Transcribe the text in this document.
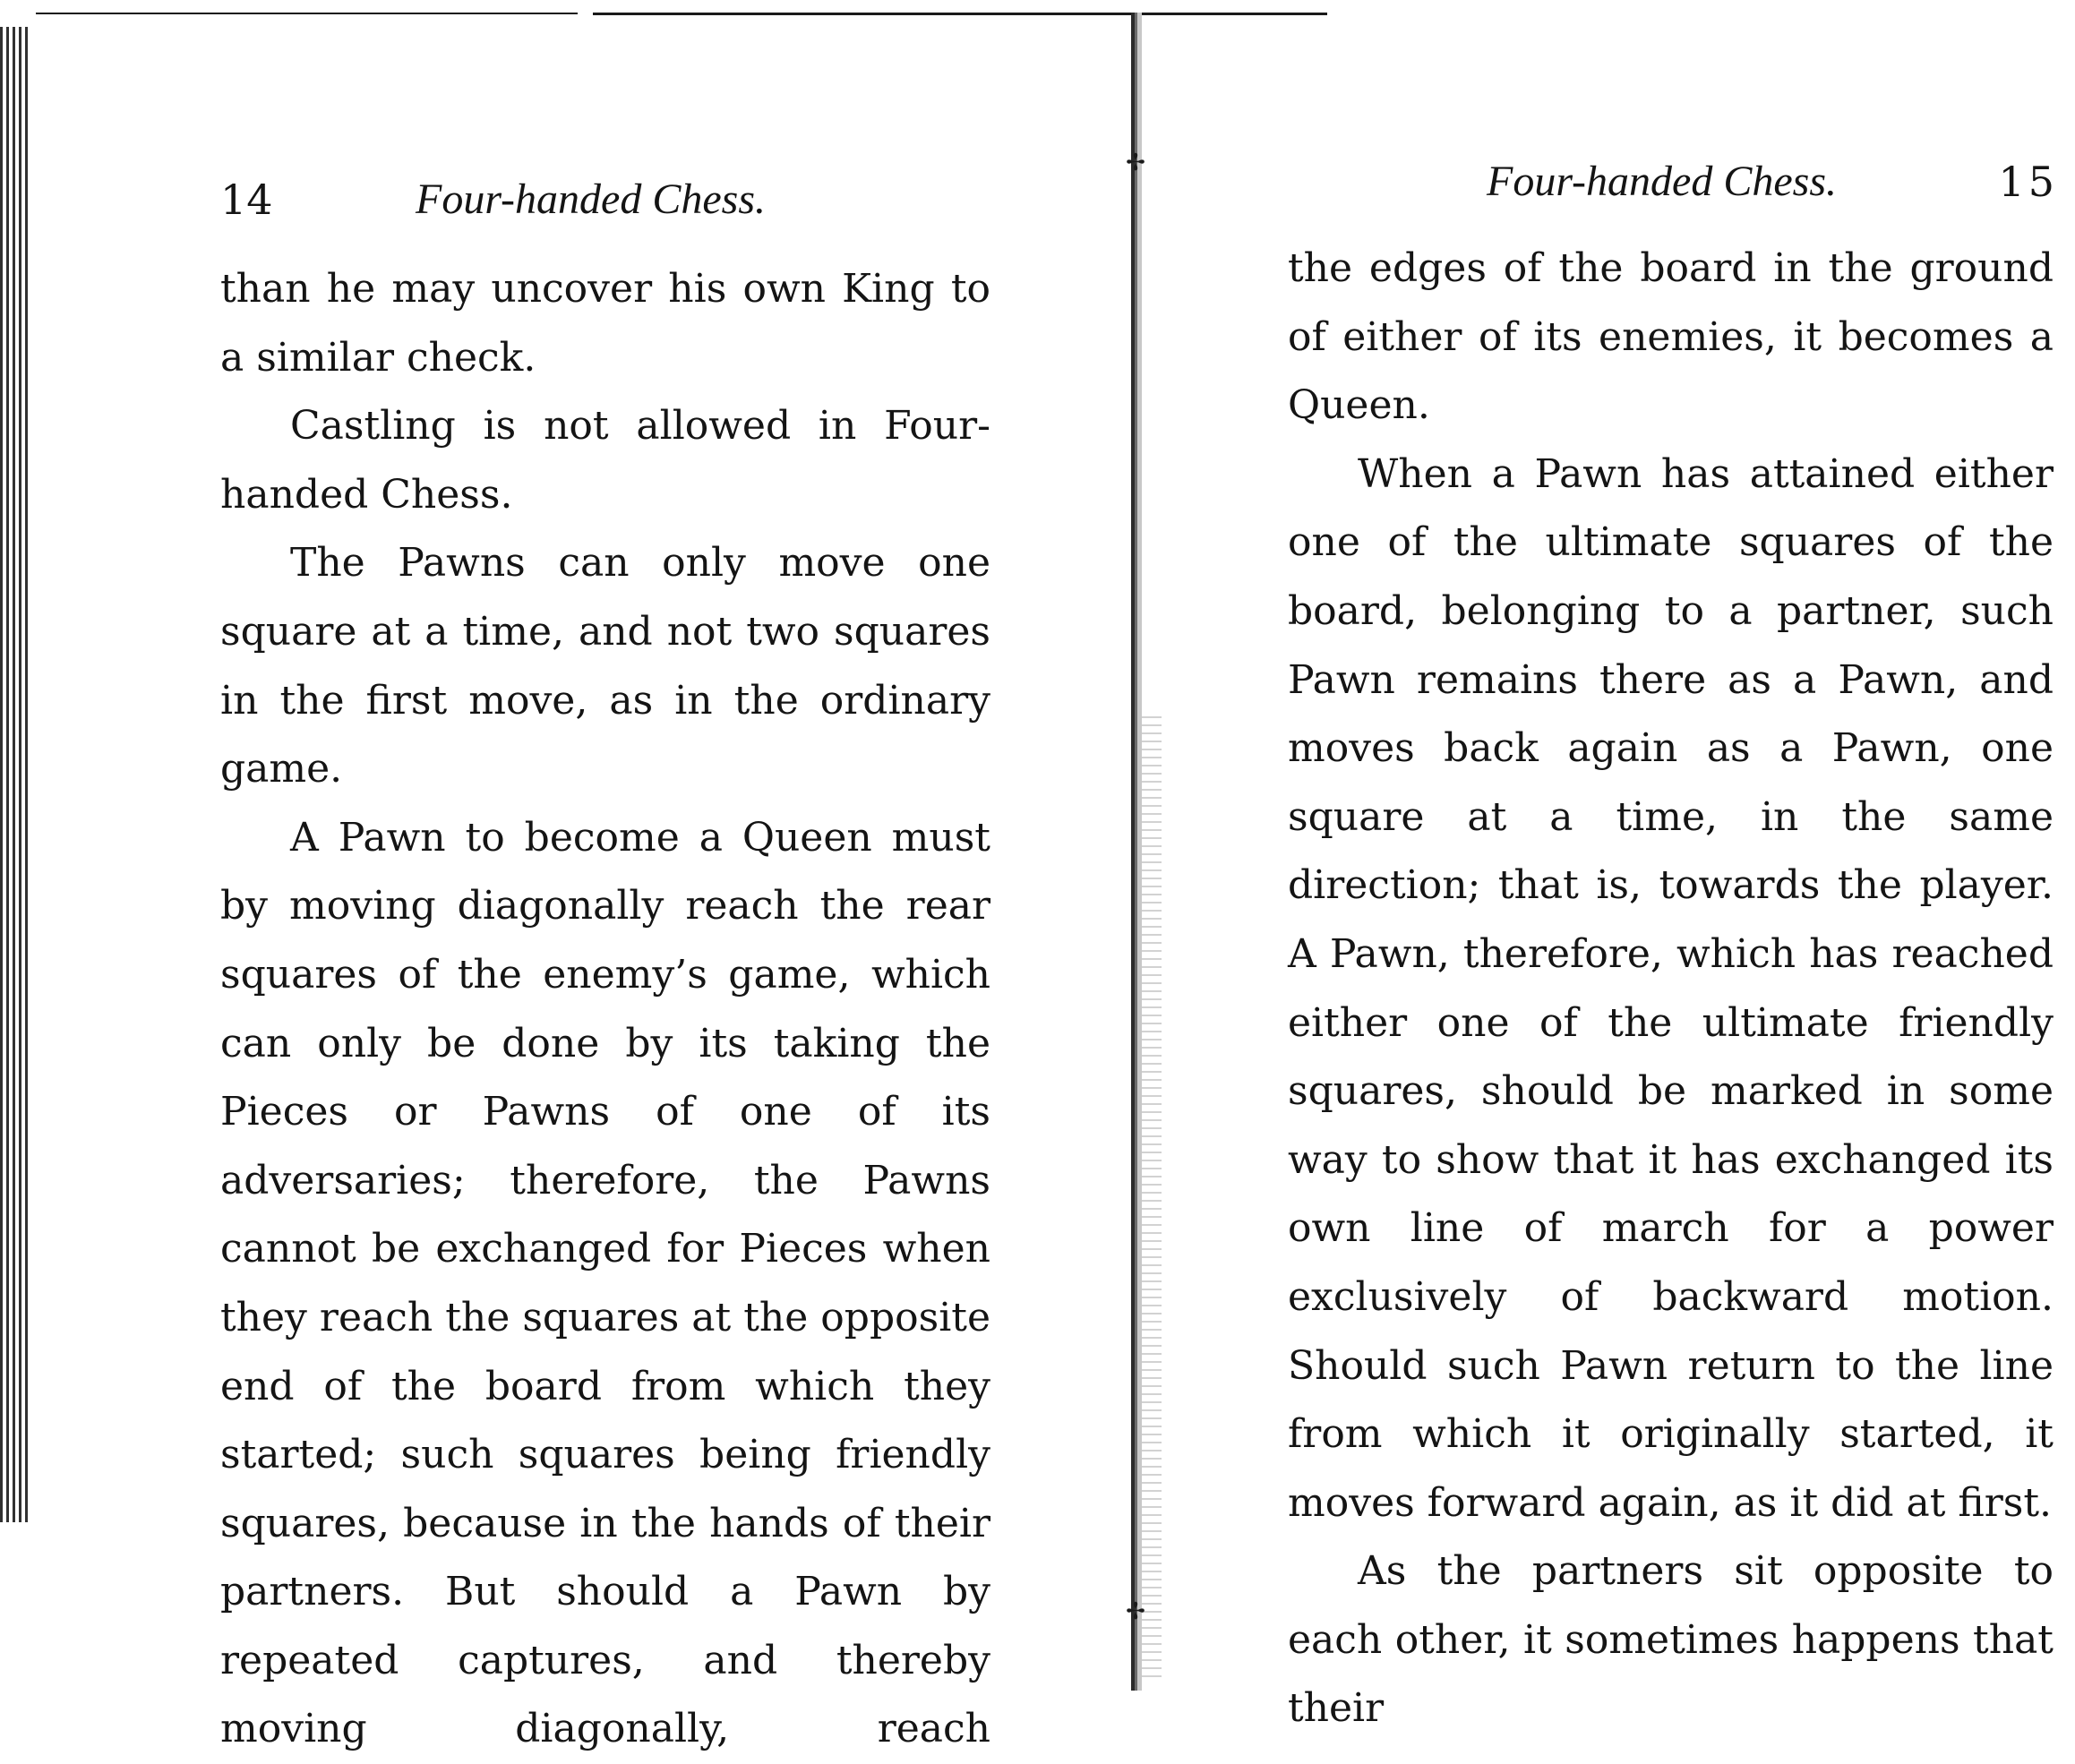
✢
✢
14	Four-handed Chess.

than he may uncover his own King to a similar check.

Castling is not allowed in Four-handed Chess.

The Pawns can only move one square at a time, and not two squares in the first move, as in the ordinary game.

A Pawn to become a Queen must by moving diagonally reach the rear squares of the enemy’s game, which can only be done by its taking the Pieces or Pawns of one of its adversaries; therefore, the Pawns cannot be exchanged for Pieces when they reach the squares at the opposite end of the board from which they started; such squares being friendly squares, because in the hands of their partners. But should a Pawn by repeated captures, and thereby moving diagonally, reach

Four-handed Chess.	15

the edges of the board in the ground of either of its enemies, it becomes a Queen.

When a Pawn has attained either one of the ultimate squares of the board, belonging to a partner, such Pawn remains there as a Pawn, and moves back again as a Pawn, one square at a time, in the same direction; that is, towards the player. A Pawn, therefore, which has reached either one of the ultimate friendly squares, should be marked in some way to show that it has exchanged its own line of march for a power exclusively of backward motion. Should such Pawn return to the line from which it originally started, it moves forward again, as it did at first.

As the partners sit opposite to each other, it sometimes happens that their
